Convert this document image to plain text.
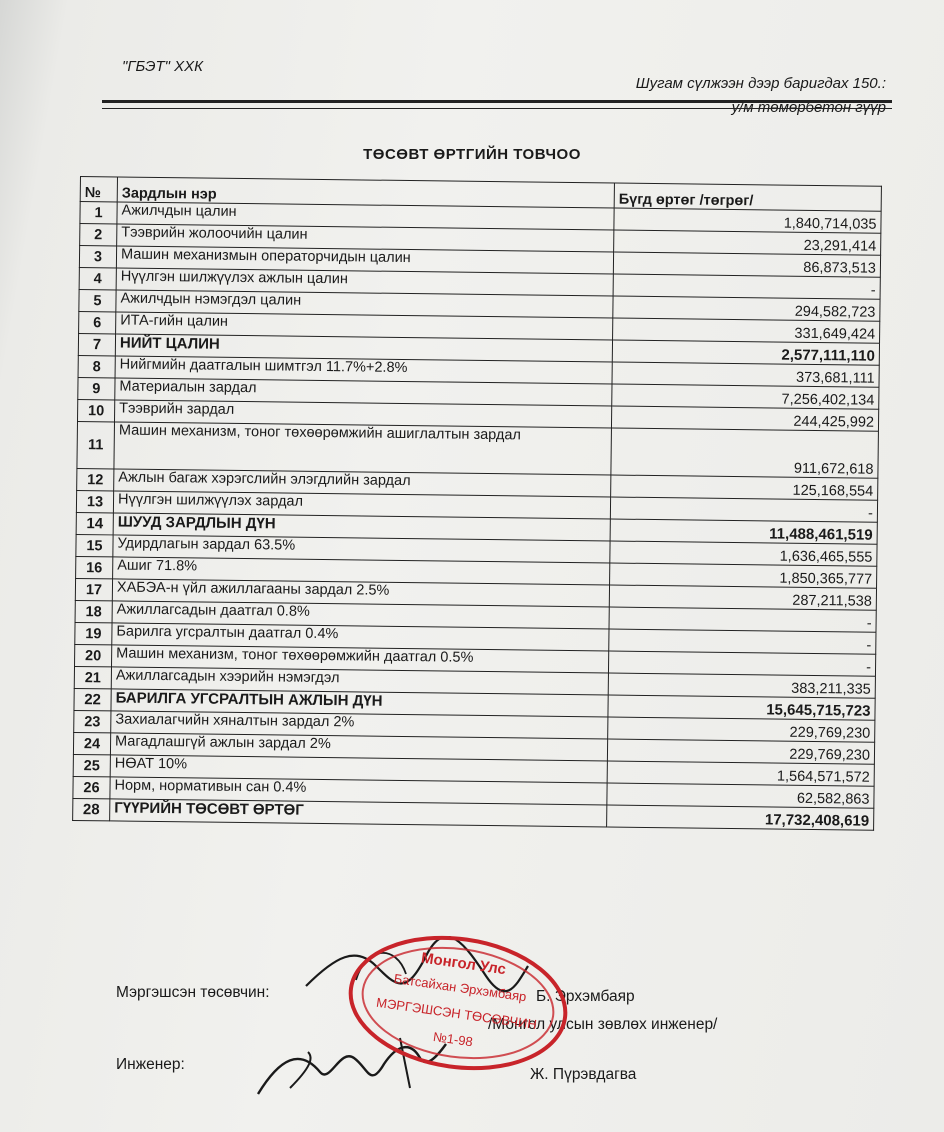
"ГБЭТ" ХХК
Шугам сүлжээн дээр баригдах 150.:
у/м төмөрбетон гүүр
ТӨСӨВТ ӨРТГИЙН ТОВЧОО
№	Зардлын нэр	Бүгд өртөг /төгрөг/
1	Ажилчдын цалин	1,840,714,035
2	Тээврийн жолоочийн цалин	23,291,414
3	Машин механизмын операторчидын цалин	86,873,513
4	Нүүлгэн шилжүүлэх ажлын цалин	-
5	Ажилчдын нэмэгдэл цалин	294,582,723
6	ИТА-гийн цалин	331,649,424
7	НИЙТ ЦАЛИН	2,577,111,110
8	Нийгмийн даатгалын шимтгэл 11.7%+2.8%	373,681,111
9	Материалын зардал	7,256,402,134
10	Тээврийн зардал	244,425,992
11	Машин механизм, тоног төхөөрөмжийн ашиглалтын зардал	911,672,618
12	Ажлын багаж хэрэгслийн элэгдлийн зардал	125,168,554
13	Нүүлгэн шилжүүлэх зардал	-
14	ШУУД ЗАРДЛЫН ДҮН	11,488,461,519
15	Удирдлагын зардал 63.5%	1,636,465,555
16	Ашиг 71.8%	1,850,365,777
17	ХАБЭА-н үйл ажиллагааны зардал 2.5%	287,211,538
18	Ажиллагсадын даатгал 0.8%	-
19	Барилга угсралтын даатгал 0.4%	-
20	Машин механизм, тоног төхөөрөмжийн даатгал 0.5%	-
21	Ажиллагсадын хээрийн нэмэгдэл	383,211,335
22	БАРИЛГА УГСРАЛТЫН АЖЛЫН ДҮН	15,645,715,723
23	Захиалагчийн хяналтын зардал 2%	229,769,230
24	Магадлашгүй ажлын зардал 2%	229,769,230
25	НӨАТ 10%	1,564,571,572
26	Норм, нормативын сан 0.4%	62,582,863
28	ГҮҮРИЙН ТӨСӨВТ ӨРТӨГ	17,732,408,619
Мэргэшсэн төсөвчин:	Б. Эрхэмбаяр
/Монгол улсын зөвлөх инженер/
Инженер:
Ж. Пүрэвдагва
Монгол Улс
Батсайхан Эрхэмбаяр
МЭРГЭШСЭН ТӨСӨВЧИН
№1-98
